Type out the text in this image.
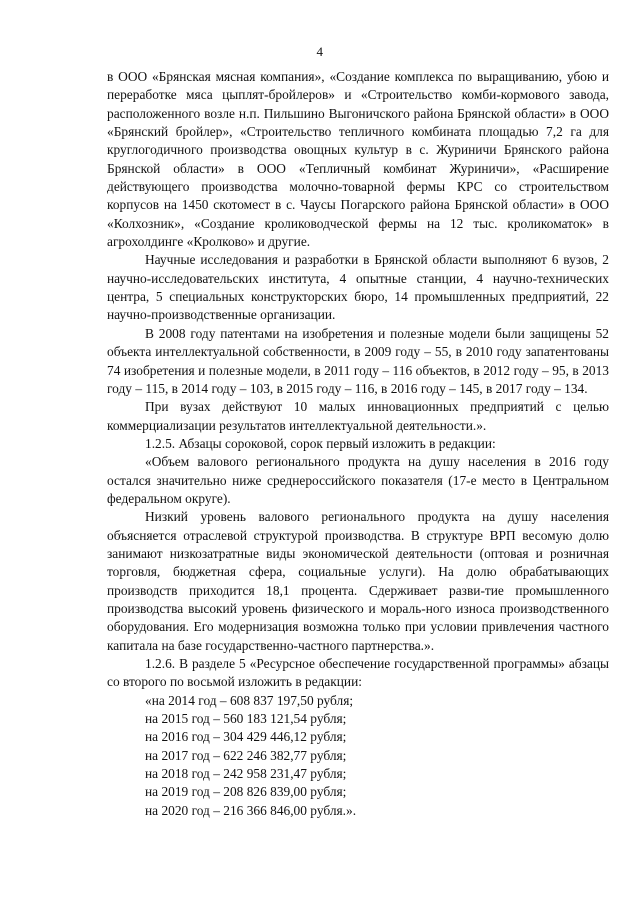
4

в ООО «Брянская мясная компания», «Создание комплекса по выращиванию, убою и переработке мяса цыплят-бройлеров» и «Строительство комби-кормового завода, расположенного возле н.п. Пильшино Выгоничского района Брянской области» в ООО «Брянский бройлер», «Строительство тепличного комбината площадью 7,2 га для круглогодичного производства овощных культур в с. Журиничи Брянского района Брянской области» в ООО «Тепличный комбинат Журиничи», «Расширение действующего производства молочно-товарной фермы КРС со строительством корпусов на 1450 скотомест в с. Чаусы Погарского района Брянской области» в ООО «Колхозник», «Создание кролиководческой фермы на 12 тыс. кроликоматок» в агрохолдинге «Кролково» и другие.

Научные исследования и разработки в Брянской области выполняют 6 вузов, 2 научно-исследовательских института, 4 опытные станции, 4 научно-технических центра, 5 специальных конструкторских бюро, 14 промышленных предприятий, 22 научно-производственные организации.

В 2008 году патентами на изобретения и полезные модели были защищены 52 объекта интеллектуальной собственности, в 2009 году – 55, в 2010 году запатентованы 74 изобретения и полезные модели, в 2011 году – 116 объектов, в 2012 году – 95, в 2013 году – 115, в 2014 году – 103, в 2015 году – 116, в 2016 году – 145, в 2017 году – 134.

При вузах действуют 10 малых инновационных предприятий с целью коммерциализации результатов интеллектуальной деятельности.».

1.2.5. Абзацы сороковой, сорок первый изложить в редакции:

«Объем валового регионального продукта на душу населения в 2016 году остался значительно ниже среднероссийского показателя (17-е место в Центральном федеральном округе).

Низкий уровень валового регионального продукта на душу населения объясняется отраслевой структурой производства. В структуре ВРП весомую долю занимают низкозатратные виды экономической деятельности (оптовая и розничная торговля, бюджетная сфера, социальные услуги). На долю обрабатывающих производств приходится 18,1 процента. Сдерживает разви-тие промышленного производства высокий уровень физического и мораль-ного износа производственного оборудования. Его модернизация возможна только при условии привлечения частного капитала на базе государственно-частного партнерства.».

1.2.6. В разделе 5 «Ресурсное обеспечение государственной программы» абзацы со второго по восьмой изложить в редакции:

«на 2014 год – 608 837 197,50 рубля;
на 2015 год – 560 183 121,54 рубля;
на 2016 год – 304 429 446,12 рубля;
на 2017 год – 622 246 382,77 рубля;
на 2018 год – 242 958 231,47 рубля;
на 2019 год – 208 826 839,00 рубля;
на 2020 год – 216 366 846,00 рубля.».
